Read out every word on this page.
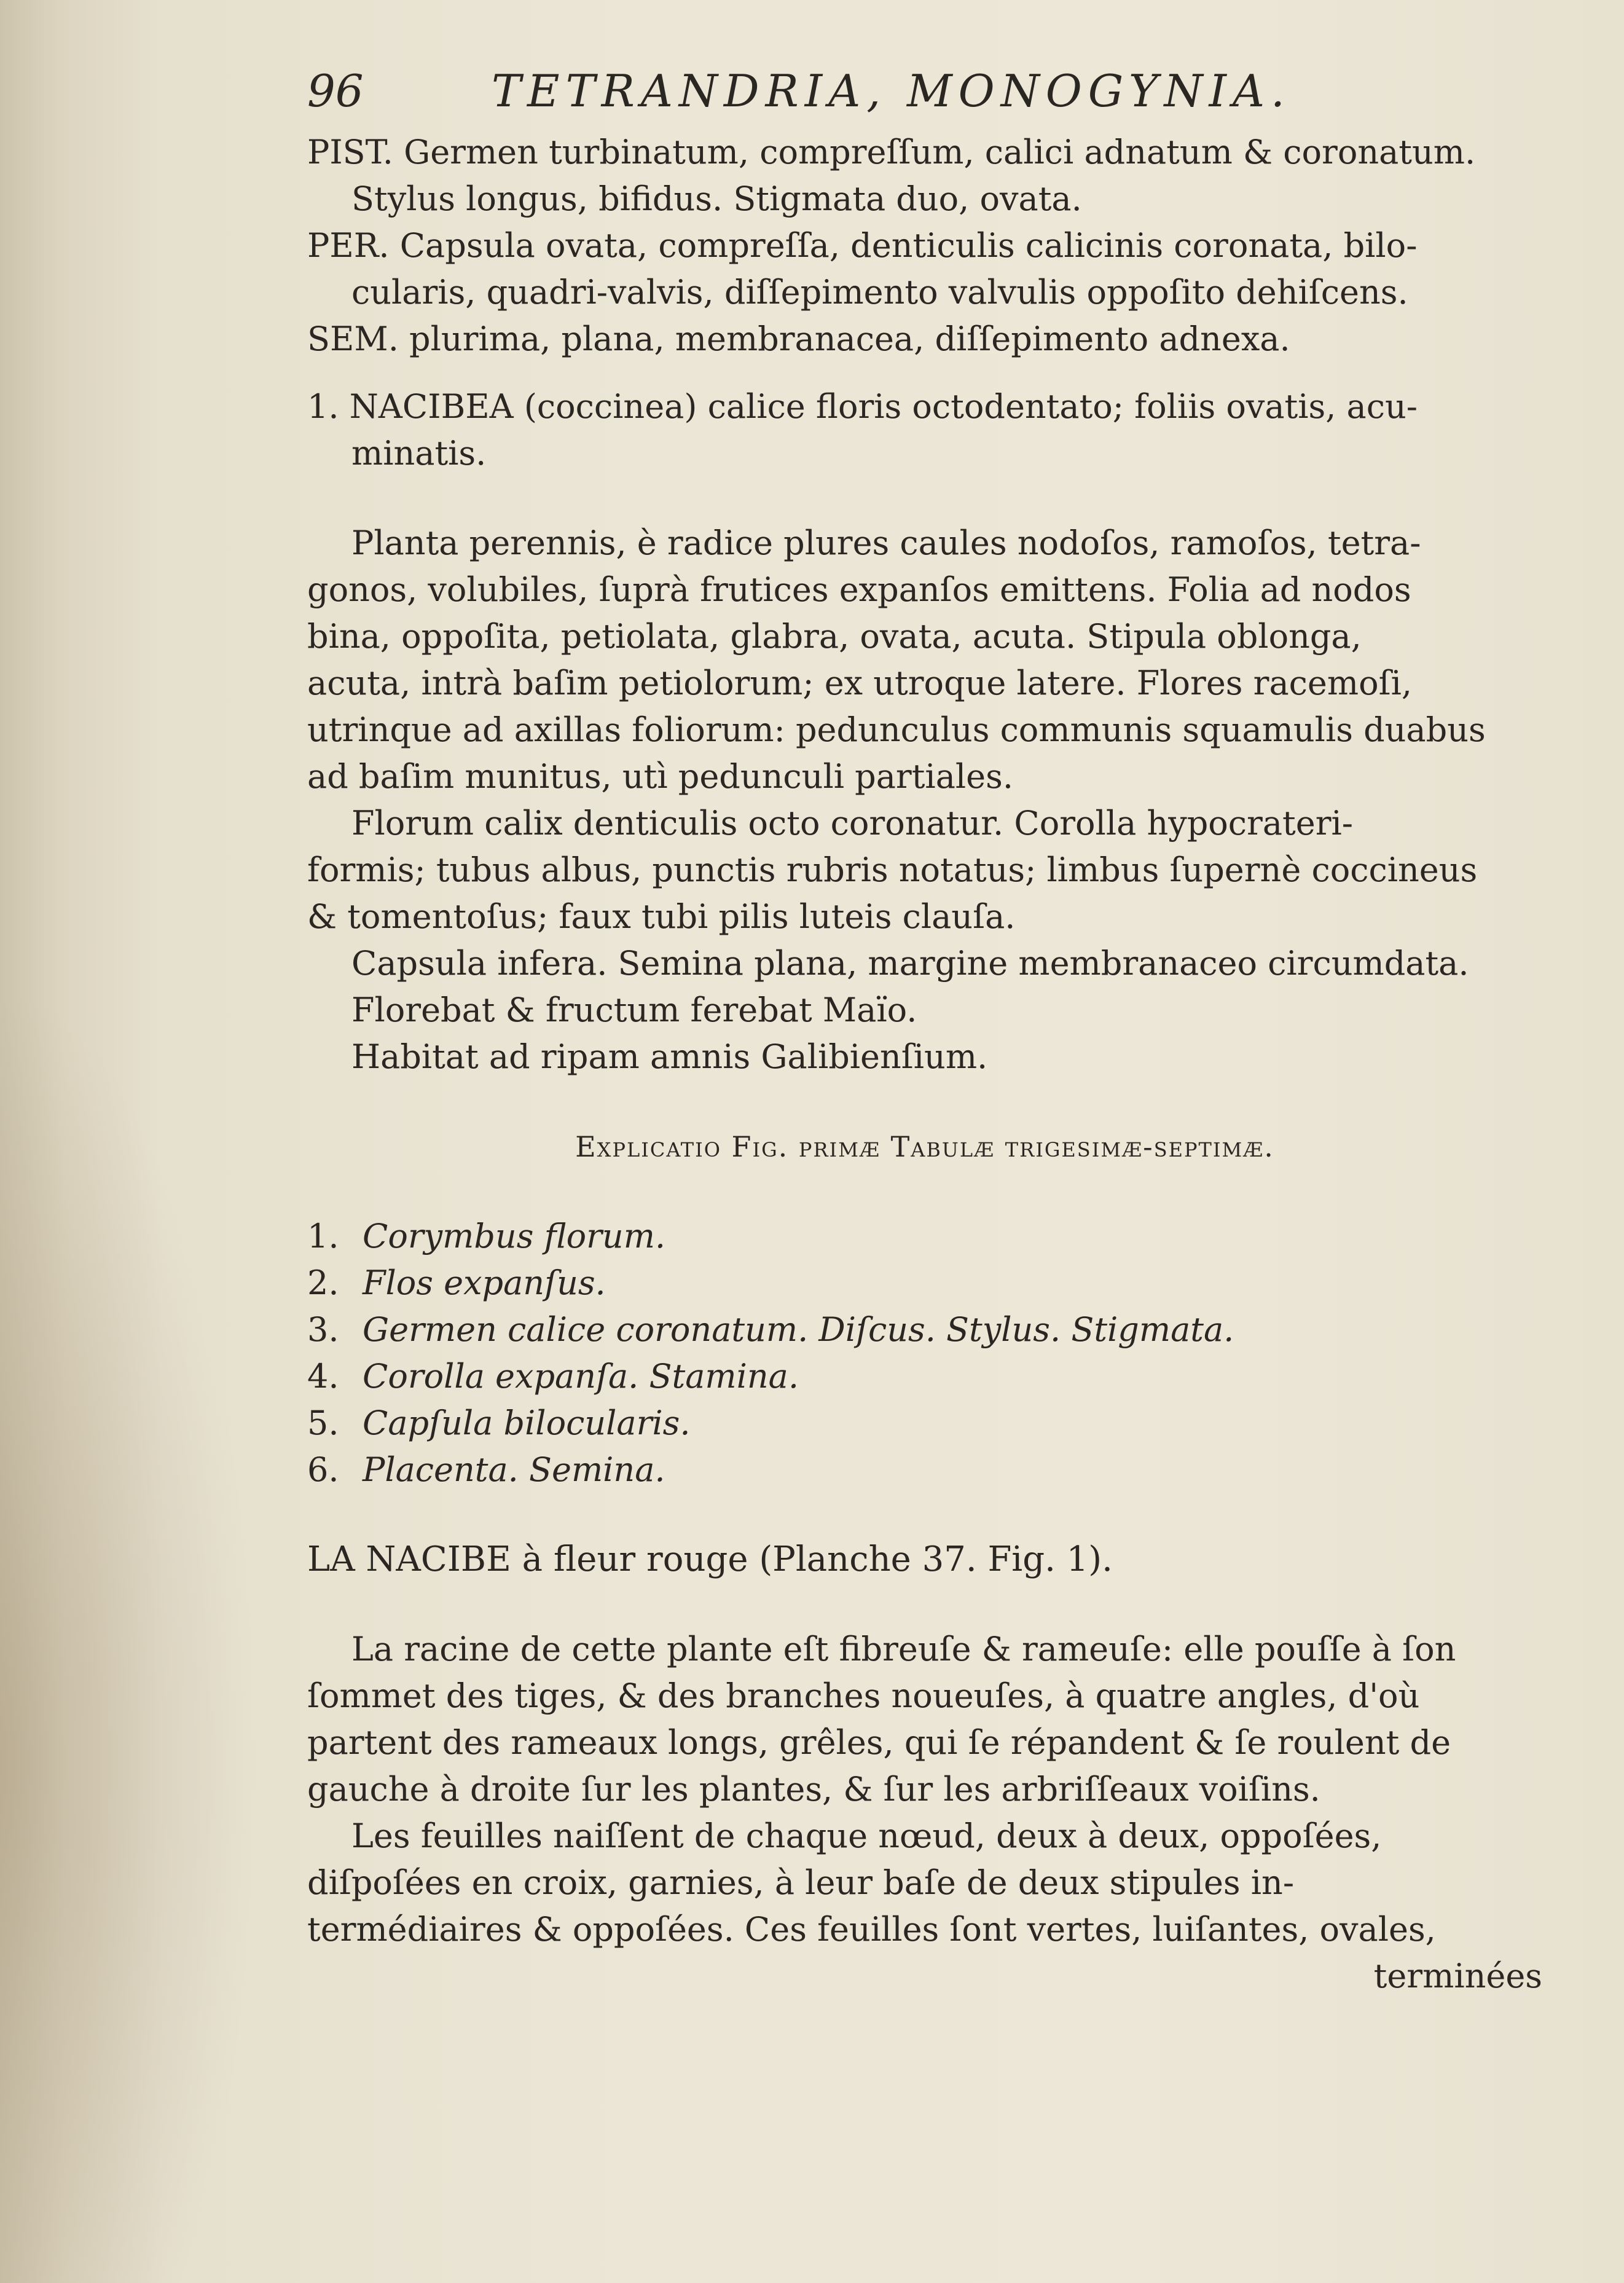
96	TETRANDRIA, MONOGYNIA.

PIST. Germen turbinatum, compreſſum, calici adnatum & coronatum.

Stylus longus, bifidus. Stigmata duo, ovata.

PER. Capsula ovata, compreſſa, denticulis calicinis coronata, bilo-

cularis, quadri-valvis, diſſepimento valvulis oppoſito dehiſcens.

SEM. plurima, plana, membranacea, diſſepimento adnexa.

1. NACIBEA (coccinea) calice floris octodentato; foliis ovatis, acu-

minatis.

Planta perennis, è radice plures caules nodoſos, ramoſos, tetra-

gonos, volubiles, ſuprà frutices expanſos emittens. Folia ad nodos

bina, oppoſita, petiolata, glabra, ovata, acuta. Stipula oblonga,

acuta, intrà baſim petiolorum; ex utroque latere. Flores racemoſi,

utrinque ad axillas foliorum: pedunculus communis squamulis duabus

ad baſim munitus, utì pedunculi partiales.

Florum calix denticulis octo coronatur. Corolla hypocrateri-

formis; tubus albus, punctis rubris notatus; limbus ſupernè coccineus

& tomentoſus; faux tubi pilis luteis clauſa.

Capsula infera. Semina plana, margine membranaceo circumdata.

Florebat & fructum ferebat Maïo.

Habitat ad ripam amnis Galibienſium.

Explicatio Fig. primæ Tabulæ trigesimæ-septimæ.

1. Corymbus florum.
2. Flos expanſus.
3. Germen calice coronatum. Diſcus. Stylus. Stigmata.
4. Corolla expanſa. Stamina.
5. Capſula bilocularis.
6. Placenta. Semina.

LA NACIBE à fleur rouge (Planche 37. Fig. 1).

La racine de cette plante eſt fibreuſe & rameuſe: elle pouſſe à ſon

ſommet des tiges, & des branches noueuſes, à quatre angles, d'où

partent des rameaux longs, grêles, qui ſe répandent & ſe roulent de

gauche à droite ſur les plantes, & ſur les arbriſſeaux voiſins.

Les feuilles naiſſent de chaque nœud, deux à deux, oppoſées,

diſpoſées en croix, garnies, à leur baſe de deux stipules in-

termédiaires & oppoſées. Ces feuilles ſont vertes, luiſantes, ovales,

terminées
